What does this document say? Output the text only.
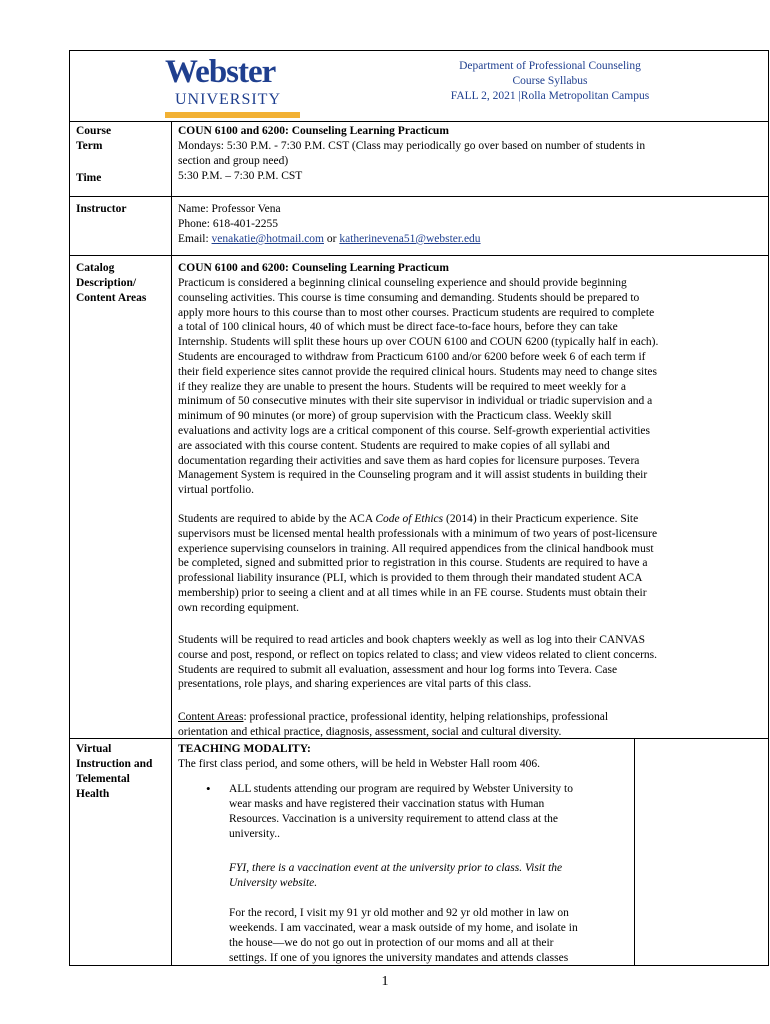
Webster
UNIVERSITY
Department of Professional Counseling
Course Syllabus
FALL 2, 2021 |Rolla Metropolitan Campus
Course
Term
Time
Instructor
Catalog
Description/
Content Areas
Virtual
Instruction and
Telemental
Health
COUN 6100 and 6200: Counseling Learning Practicum
Mondays: 5:30 P.M. - 7:30 P.M. CST (Class may periodically go over based on number of students in
section and group need)
5:30 P.M. – 7:30 P.M. CST
Name: Professor Vena
Phone: 618-401-2255
Email: venakatie@hotmail.com or katherinevena51@webster.edu
COUN 6100 and 6200: Counseling Learning Practicum
Practicum is considered a beginning clinical counseling experience and should provide beginning
counseling activities. This course is time consuming and demanding. Students should be prepared to
apply more hours to this course than to most other courses. Practicum students are required to complete
a total of 100 clinical hours, 40 of which must be direct face-to-face hours, before they can take
Internship. Students will split these hours up over COUN 6100 and COUN 6200 (typically half in each).
Students are encouraged to withdraw from Practicum 6100 and/or 6200 before week 6 of each term if
their field experience sites cannot provide the required clinical hours. Students may need to change sites
if they realize they are unable to present the hours. Students will be required to meet weekly for a
minimum of 50 consecutive minutes with their site supervisor in individual or triadic supervision and a
minimum of 90 minutes (or more) of group supervision with the Practicum class. Weekly skill
evaluations and activity logs are a critical component of this course. Self-growth experiential activities
are associated with this course content. Students are required to make copies of all syllabi and
documentation regarding their activities and save them as hard copies for licensure purposes. Tevera
Management System is required in the Counseling program and it will assist students in building their
virtual portfolio.
Students are required to abide by the ACA Code of Ethics (2014) in their Practicum experience. Site
supervisors must be licensed mental health professionals with a minimum of two years of post-licensure
experience supervising counselors in training. All required appendices from the clinical handbook must
be completed, signed and submitted prior to registration in this course. Students are required to have a
professional liability insurance (PLI, which is provided to them through their mandated student ACA
membership) prior to seeing a client and at all times while in an FE course. Students must obtain their
own recording equipment.
Students will be required to read articles and book chapters weekly as well as log into their CANVAS
course and post, respond, or reflect on topics related to class; and view videos related to client concerns.
Students are required to submit all evaluation, assessment and hour log forms into Tevera. Case
presentations, role plays, and sharing experiences are vital parts of this class.
Content Areas: professional practice, professional identity, helping relationships, professional
orientation and ethical practice, diagnosis, assessment, social and cultural diversity.
TEACHING MODALITY:
The first class period, and some others, will be held in Webster Hall room 406.
• ALL students attending our program are required by Webster University to
wear masks and have registered their vaccination status with Human
Resources. Vaccination is a university requirement to attend class at the
university..
FYI, there is a vaccination event at the university prior to class. Visit the
University website.
For the record, I visit my 91 yr old mother and 92 yr old mother in law on
weekends. I am vaccinated, wear a mask outside of my home, and isolate in
the house—we do not go out in protection of our moms and all at their
settings. If one of you ignores the university mandates and attends classes
1
